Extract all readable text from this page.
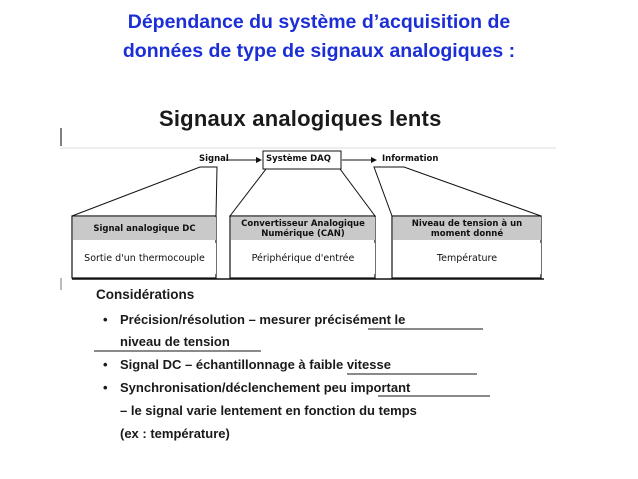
Dépendance du système d’acquisition de
données de type de signaux analogiques :
Signaux analogiques lents
Signal	Système DAQ	Information
Signal analogique DC
Sortie d'un thermocouple
Convertisseur Analogique Numérique (CAN)
Périphérique d'entrée
Niveau de tension à un moment donné
Température
Considérations
• Précision/résolution – mesurer précisément le
niveau de tension
• Signal DC – échantillonnage à faible vitesse
• Synchronisation/déclenchement peu important
– le signal varie lentement en fonction du temps
(ex : température)
